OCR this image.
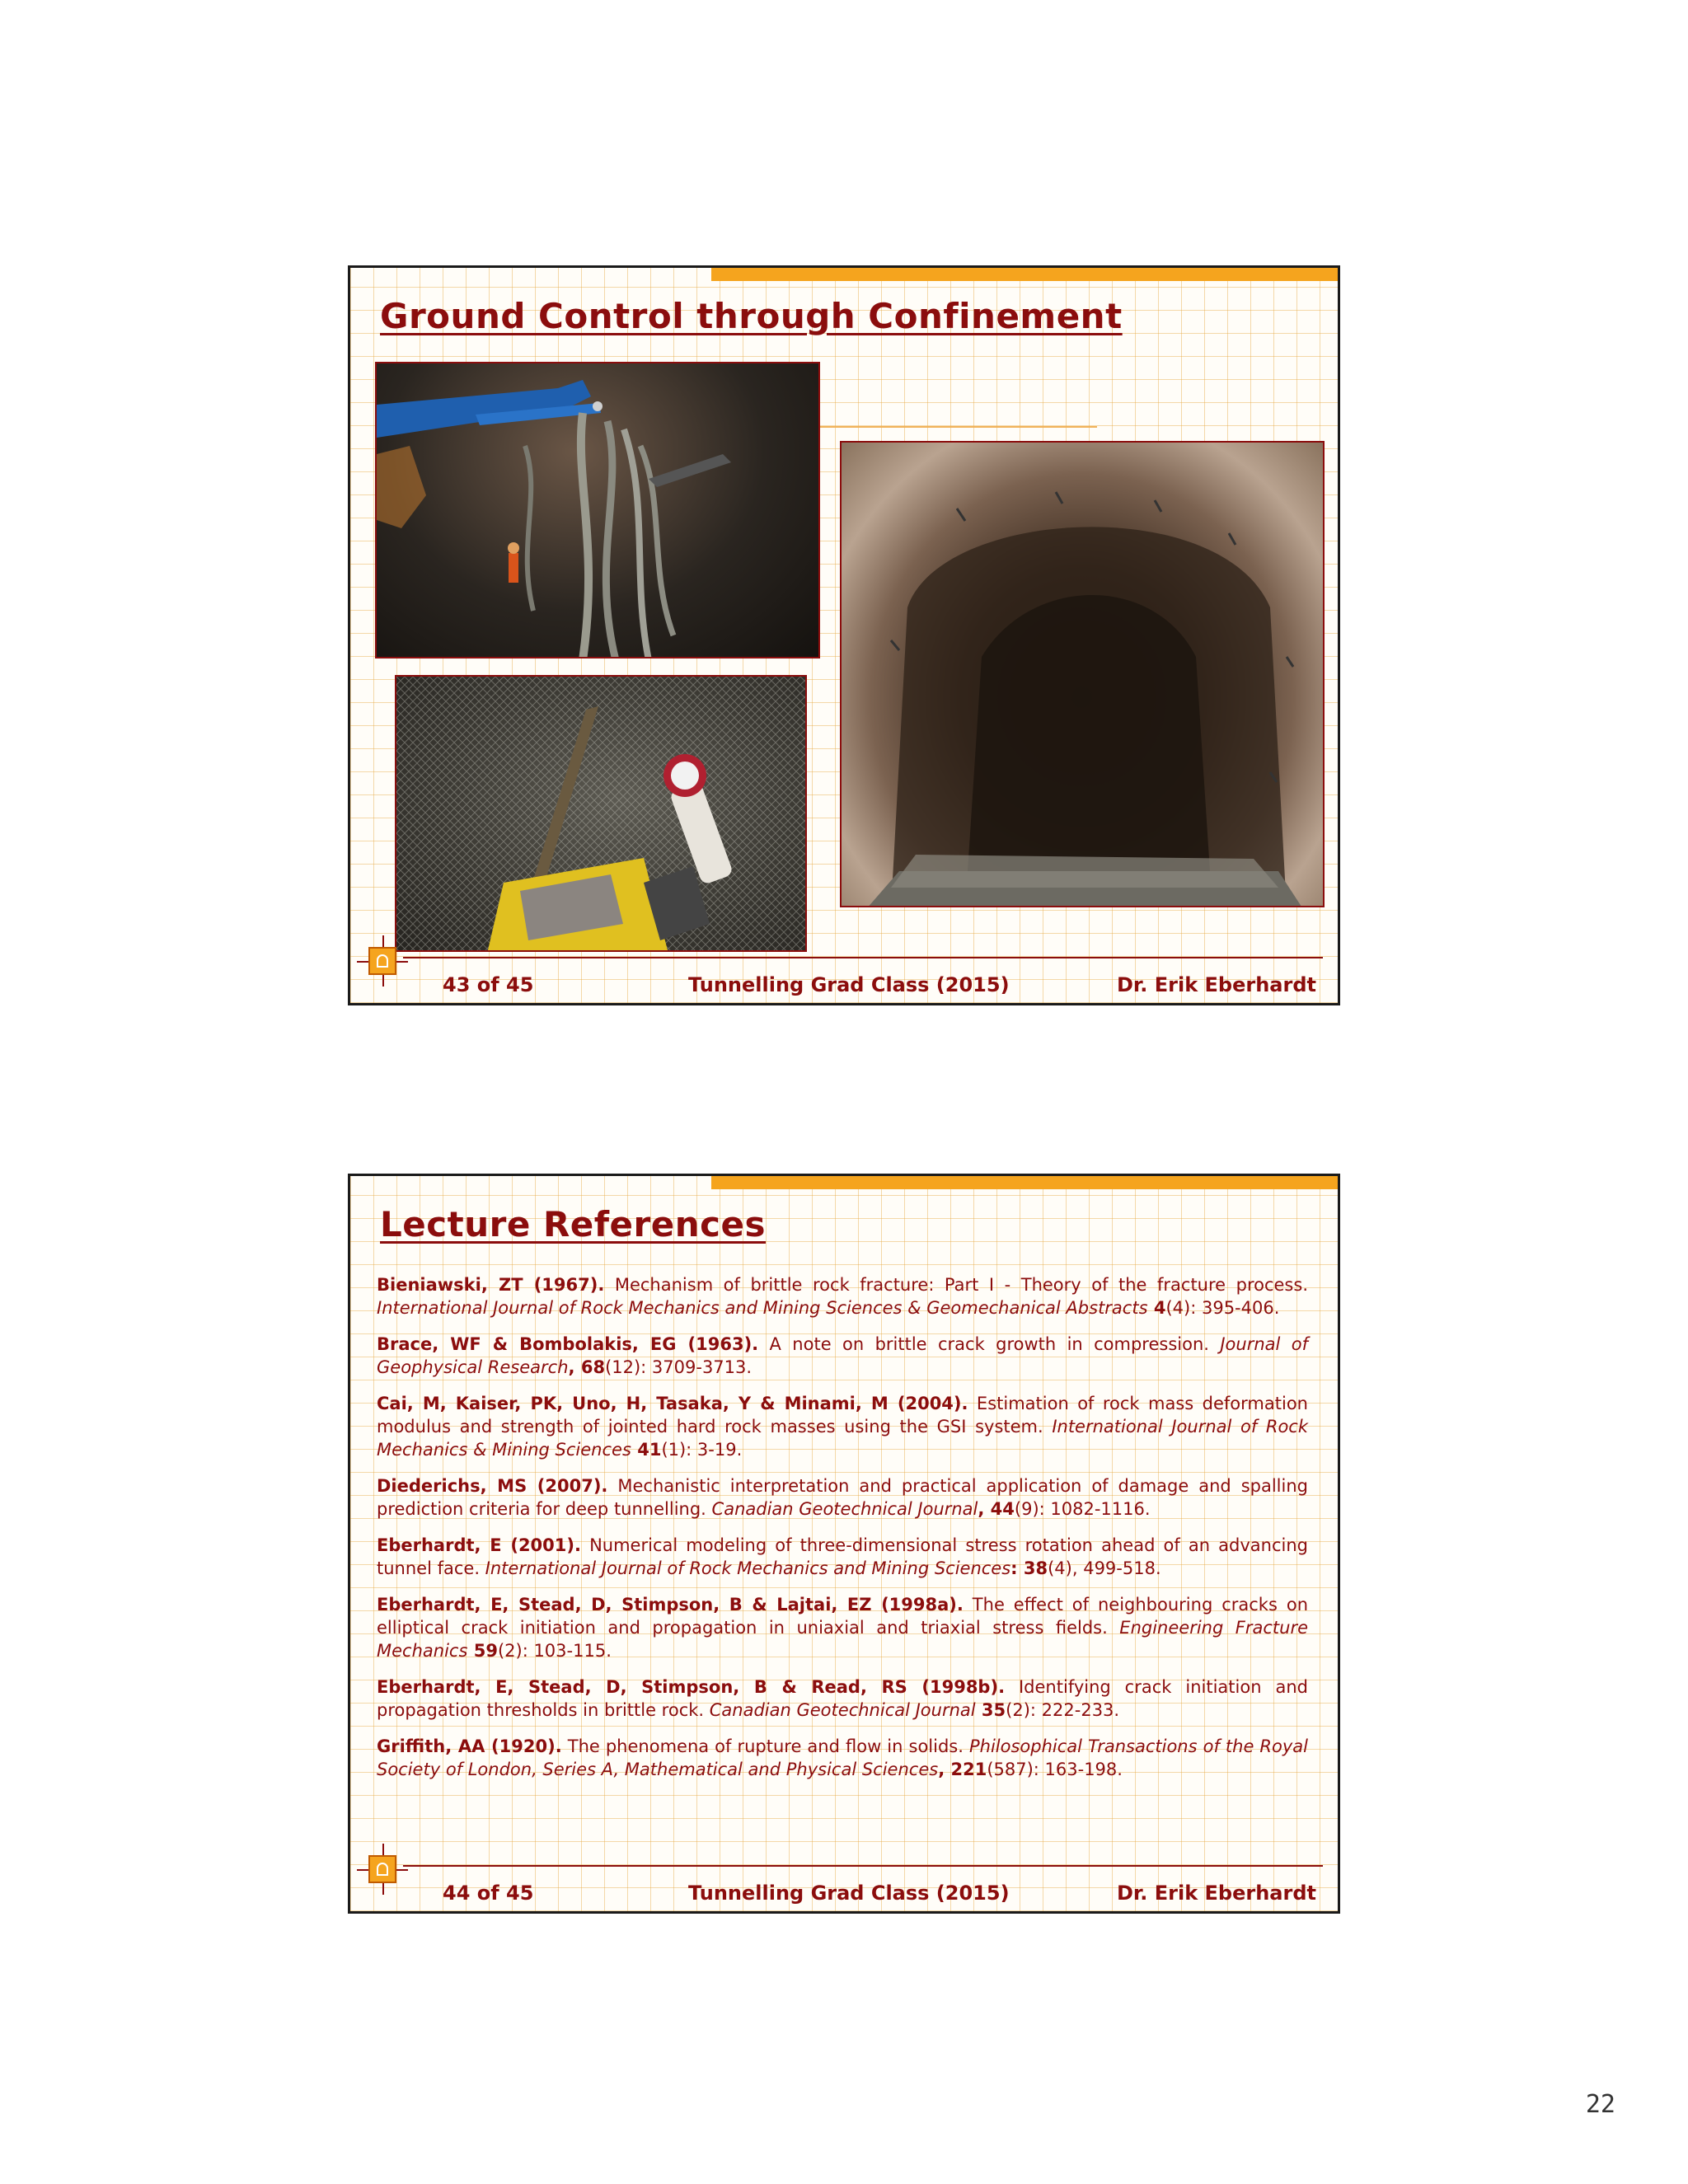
Ground Control through Confinement
43 of 45	Tunnelling Grad Class (2015)	Dr. Erik Eberhardt
Lecture References

Bieniawski, ZT (1967). Mechanism of brittle rock fracture: Part I - Theory of the fracture process. International Journal of Rock Mechanics and Mining Sciences & Geomechanical Abstracts 4(4): 395-406.

Brace, WF & Bombolakis, EG (1963). A note on brittle crack growth in compression. Journal of Geophysical Research, 68(12): 3709-3713.

Cai, M, Kaiser, PK, Uno, H, Tasaka, Y & Minami, M (2004). Estimation of rock mass deformation modulus and strength of jointed hard rock masses using the GSI system. International Journal of Rock Mechanics & Mining Sciences 41(1): 3-19.

Diederichs, MS (2007). Mechanistic interpretation and practical application of damage and spalling prediction criteria for deep tunnelling. Canadian Geotechnical Journal, 44(9): 1082-1116.

Eberhardt, E (2001). Numerical modeling of three-dimensional stress rotation ahead of an advancing tunnel face. International Journal of Rock Mechanics and Mining Sciences: 38(4), 499-518.

Eberhardt, E, Stead, D, Stimpson, B & Lajtai, EZ (1998a). The effect of neighbouring cracks on elliptical crack initiation and propagation in uniaxial and triaxial stress fields. Engineering Fracture Mechanics 59(2): 103-115.

Eberhardt, E, Stead, D, Stimpson, B & Read, RS (1998b). Identifying crack initiation and propagation thresholds in brittle rock. Canadian Geotechnical Journal 35(2): 222-233.

Griffith, AA (1920). The phenomena of rupture and flow in solids. Philosophical Transactions of the Royal Society of London, Series A, Mathematical and Physical Sciences, 221(587): 163-198.

44 of 45	Tunnelling Grad Class (2015)	Dr. Erik Eberhardt
22
